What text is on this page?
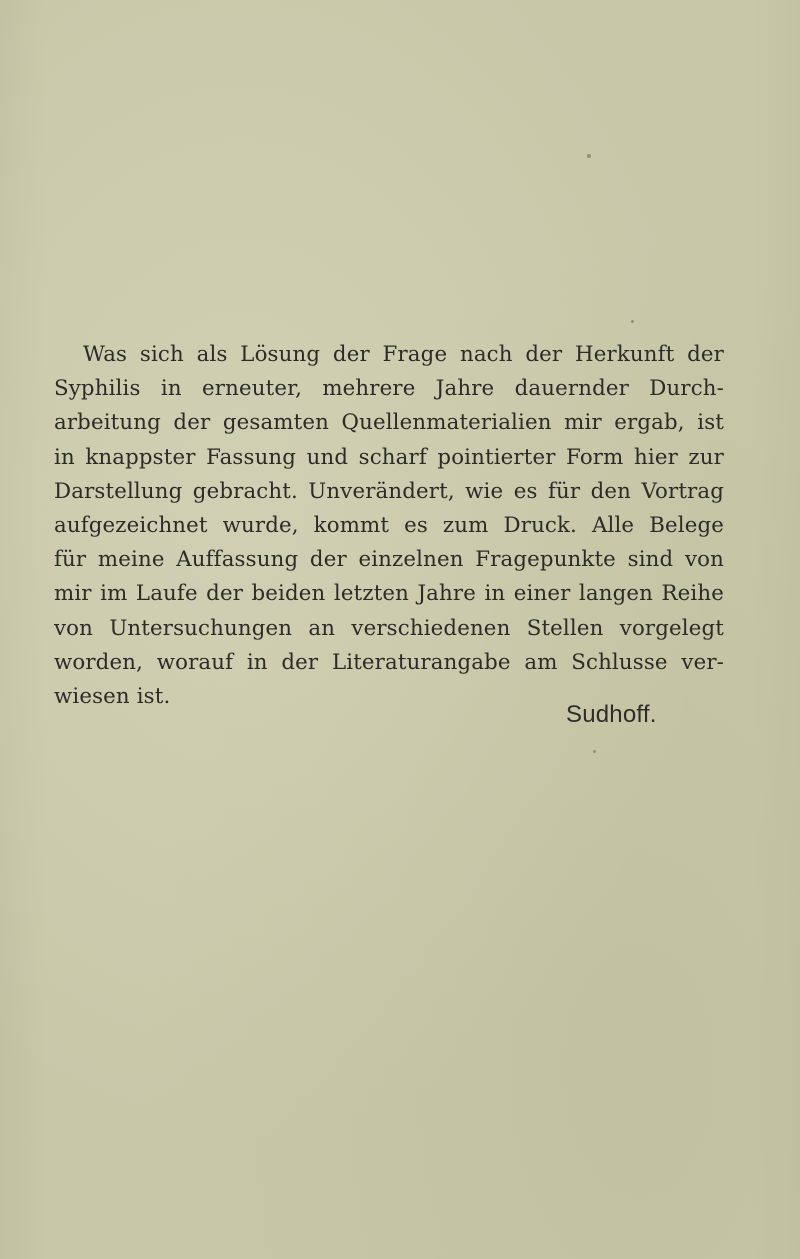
Was sich als Lösung der Frage nach der Herkunft der
Syphilis in erneuter, mehrere Jahre dauernder Durch-
arbeitung der gesamten Quellenmaterialien mir ergab, ist
in knappster Fassung und scharf pointierter Form hier zur
Darstellung gebracht. Unverändert, wie es für den Vortrag
aufgezeichnet wurde, kommt es zum Druck. Alle Belege
für meine Auffassung der einzelnen Fragepunkte sind von
mir im Laufe der beiden letzten Jahre in einer langen Reihe
von Untersuchungen an verschiedenen Stellen vorgelegt
worden, worauf in der Literaturangabe am Schlusse ver-
wiesen ist.
Sudhoff.
